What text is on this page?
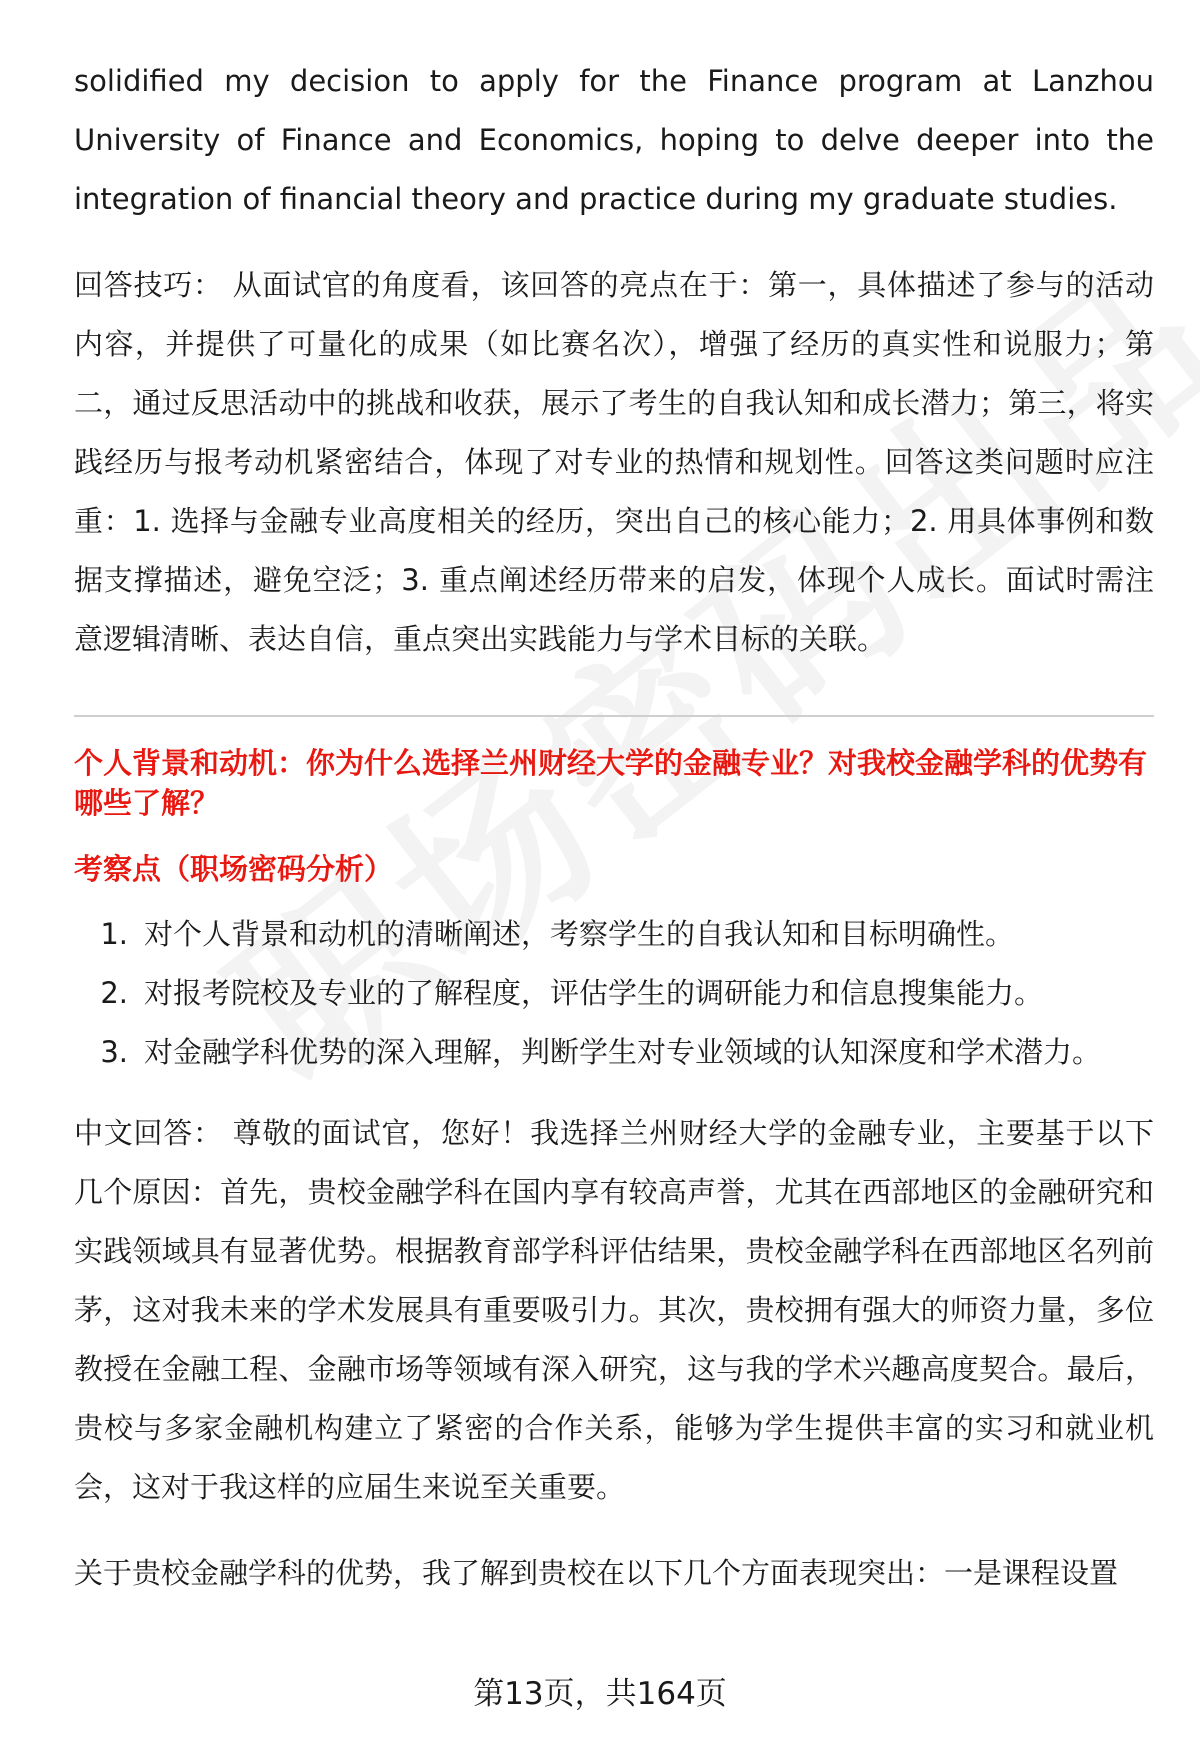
solidified my decision to apply for the Finance program at Lanzhou University of Finance and Economics, hoping to delve deeper into the integration of financial theory and practice during my graduate studies.

回答技巧： 从面试官的角度看，该回答的亮点在于：第一，具体描述了参与的活动内容，并提供了可量化的成果（如比赛名次），增强了经历的真实性和说服力；第二，通过反思活动中的挑战和收获，展示了考生的自我认知和成长潜力；第三，将实践经历与报考动机紧密结合，体现了对专业的热情和规划性。回答这类问题时应注重：1. 选择与金融专业高度相关的经历，突出自己的核心能力；2. 用具体事例和数据支撑描述，避免空泛；3. 重点阐述经历带来的启发，体现个人成长。面试时需注意逻辑清晰、表达自信，重点突出实践能力与学术目标的关联。

个人背景和动机：你为什么选择兰州财经大学的金融专业？对我校金融学科的优势有哪些了解？

考察点（职场密码分析）

1. 对个人背景和动机的清晰阐述，考察学生的自我认知和目标明确性。
2. 对报考院校及专业的了解程度，评估学生的调研能力和信息搜集能力。
3. 对金融学科优势的深入理解，判断学生对专业领域的认知深度和学术潜力。

中文回答： 尊敬的面试官，您好！我选择兰州财经大学的金融专业，主要基于以下几个原因：首先，贵校金融学科在国内享有较高声誉，尤其在西部地区的金融研究和实践领域具有显著优势。根据教育部学科评估结果，贵校金融学科在西部地区名列前茅，这对我未来的学术发展具有重要吸引力。其次，贵校拥有强大的师资力量，多位教授在金融工程、金融市场等领域有深入研究，这与我的学术兴趣高度契合。最后，贵校与多家金融机构建立了紧密的合作关系，能够为学生提供丰富的实习和就业机会，这对于我这样的应届生来说至关重要。

关于贵校金融学科的优势，我了解到贵校在以下几个方面表现突出：一是课程设置

第13页，共164页
